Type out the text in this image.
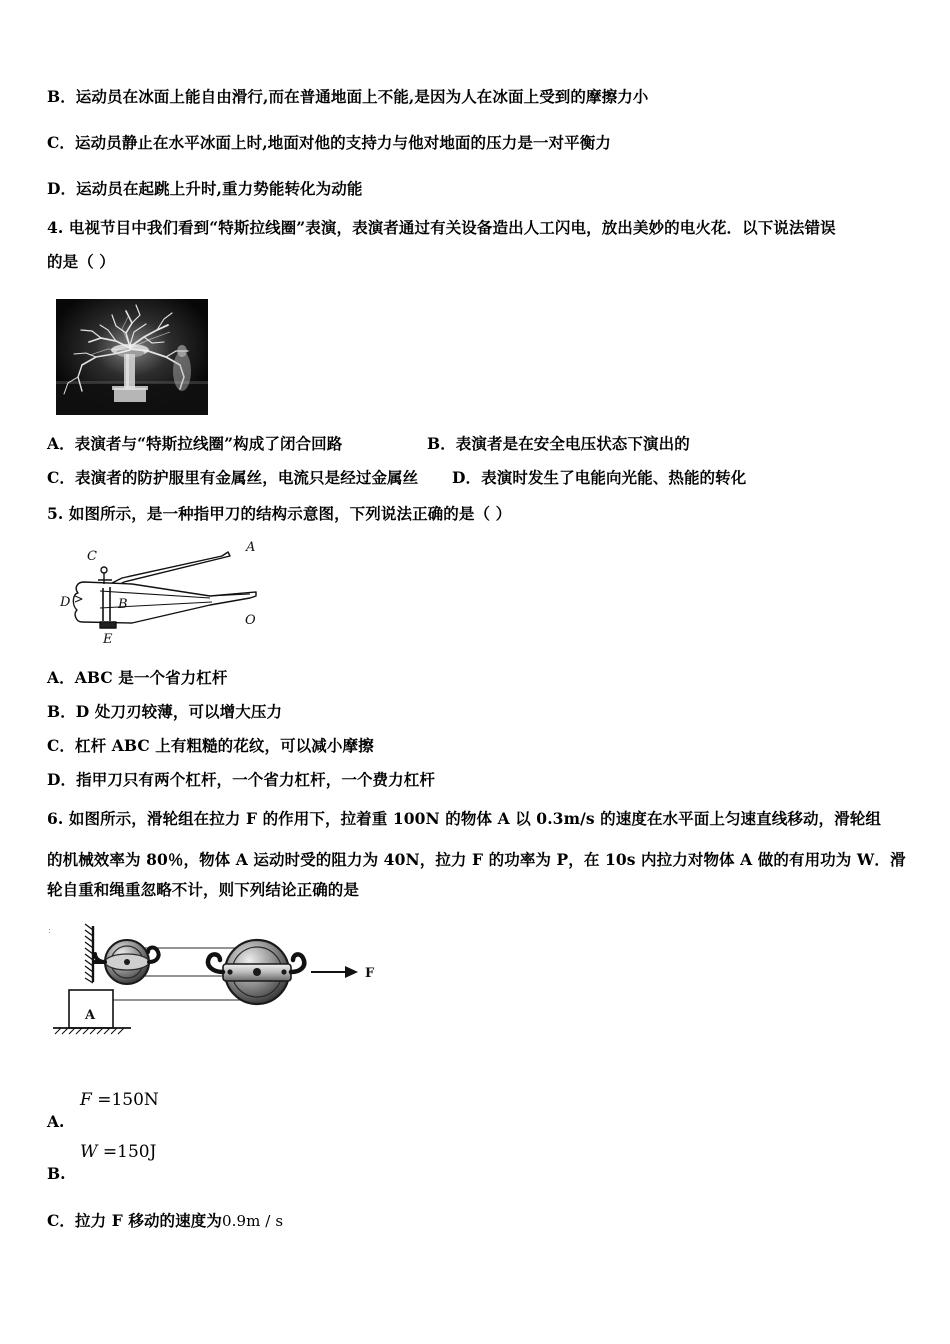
B．运动员在冰面上能自由滑行,而在普通地面上不能,是因为人在冰面上受到的摩擦力小
C．运动员静止在水平冰面上时,地面对他的支持力与他对地面的压力是一对平衡力
D．运动员在起跳上升时,重力势能转化为动能
4. 电视节目中我们看到“特斯拉线圈”表演，表演者通过有关设备造出人工闪电，放出美妙的电火花．以下说法错误
的是（ ）
A．表演者与“特斯拉线圈”构成了闭合回路	B．表演者是在安全电压状态下演出的
C．表演者的防护服里有金属丝，电流只是经过金属丝 D．表演时发生了电能向光能、热能的转化
5. 如图所示，是一种指甲刀的结构示意图，下列说法正确的是（ ）
C
B
D
E
A
O
A．ABC 是一个省力杠杆
B．D 处刀刃较薄，可以增大压力
C．杠杆 ABC 上有粗糙的花纹，可以减小摩擦
D．指甲刀只有两个杠杆，一个省力杠杆，一个费力杠杆
6. 如图所示，滑轮组在拉力 F 的作用下，拉着重 100N 的物体 A 以 0.3m/s 的速度在水平面上匀速直线移动，滑轮组
的机械效率为 80％，物体 A 运动时受的阻力为 40N，拉力 F 的功率为 P，在 10s 内拉力对物体 A 做的有用功为 W．滑
轮自重和绳重忽略不计，则下列结论正确的是
:
F
A
F =150N
A.
W =150J
B.
C．拉力 F 移动的速度为0.9m / s
